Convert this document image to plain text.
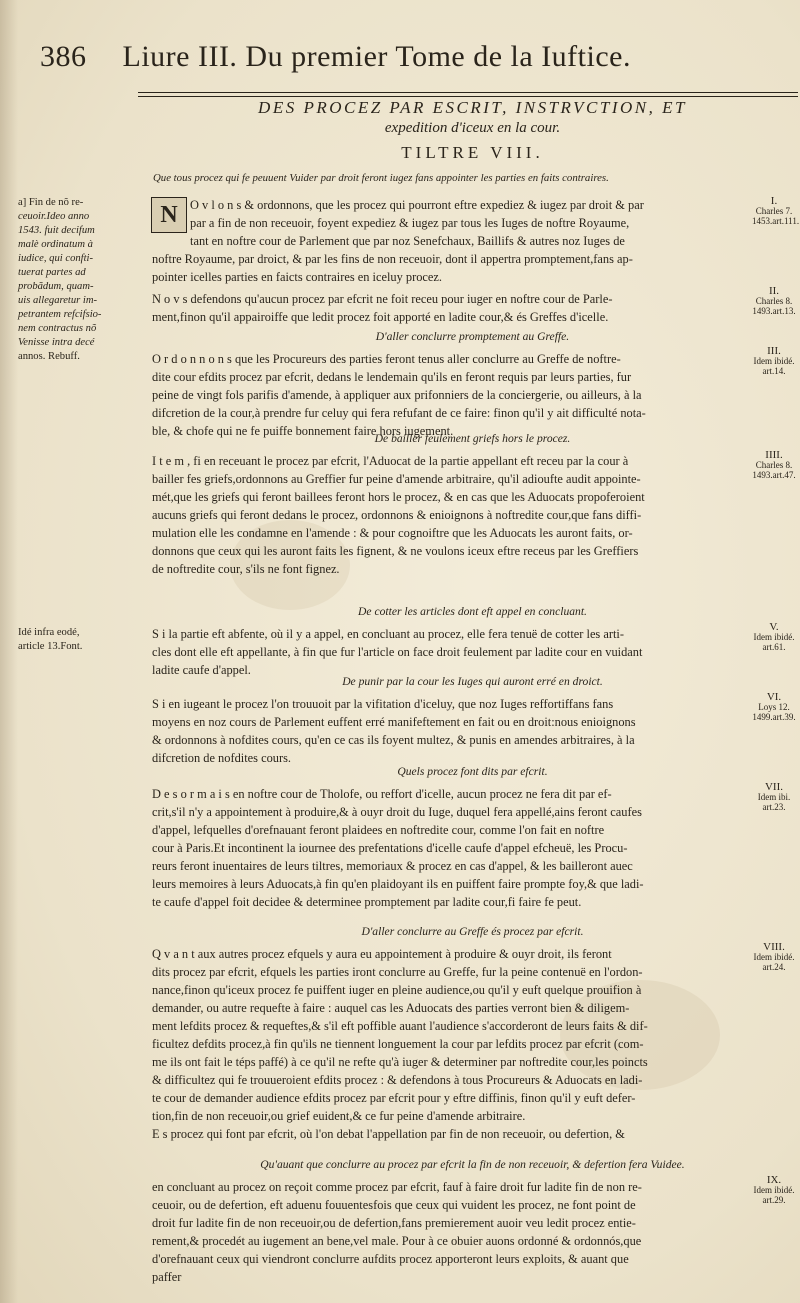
386 Liure III. Du premier Tome de la Iuftice.
DES PROCEZ PAR ESCRIT, INSTRVCTION, ET
expedition d'iceux en la cour.
TILTRE VIII.
Que tous procez qui fe peuuent Vuider par droit feront iugez fans appointer les parties en faits contraires.
D'aller conclurre promptement au Greffe.
De bailler feulement griefs hors le procez.
De cotter les articles dont eft appel en concluant.
De punir par la cour les Iuges qui auront erré en droict.
Quels procez font dits par efcrit.
D'aller conclurre au Greffe és procez par efcrit.
Qu'auant que conclurre au procez par efcrit la fin de non receuoir, & defertion fera Vuidee.
N O v l o n s & ordonnons, que les procez qui pourront eftre expediez & iugez par droit & par
par a fin de non receuoir, foyent expediez & iugez par tous les Iuges de noftre Royaume,
tant en noftre cour de Parlement que par noz Senefchaux, Baillifs & autres noz Iuges de
noftre Royaume, par droict, & par les fins de non receuoir, dont il appertra promptement,fans ap-
pointer icelles parties en faicts contraires en iceluy procez.
N o v s defendons qu'aucun procez par efcrit ne foit receu pour iuger en noftre cour de Parle-
ment,finon qu'il appairoiffe que ledit procez foit apporté en ladite cour,& és Greffes d'icelle.
O r d o n n o n s que les Procureurs des parties feront tenus aller conclurre au Greffe de noftre-
dite cour efdits procez par efcrit, dedans le lendemain qu'ils en feront requis par leurs parties, fur
peine de vingt fols parifis d'amende, à appliquer aux prifonniers de la conciergerie, ou ailleurs, à la
difcretion de la cour,à prendre fur celuy qui fera refufant de ce faire: finon qu'il y ait difficulté nota-
ble, & chofe qui ne fe puiffe bonnement faire hors iugement.
I t e m , fi en receuant le procez par efcrit, l'Aduocat de la partie appellant eft receu par la cour à
bailler fes griefs,ordonnons au Greffier fur peine d'amende arbitraire, qu'il adioufte audit appointe-
mét,que les griefs qui feront baillees feront hors le procez, & en cas que les Aduocats propoferoient
aucuns griefs qui feront dedans le procez, ordonnons & enioignons à noftredite cour,que fans diffi-
mulation elle les condamne en l'amende : & pour cognoiftre que les Aduocats les auront faits, or-
donnons que ceux qui les auront faits les fignent, & ne voulons iceux eftre receus par les Greffiers
de noftredite cour, s'ils ne font fignez.
S i la partie eft abfente, où il y a appel, en concluant au procez, elle fera tenuë de cotter les arti-
cles dont elle eft appellante, à fin que fur l'article on face droit feulement par ladite cour en vuidant
ladite caufe d'appel.
S i en iugeant le procez l'on trouuoit par la vifitation d'iceluy, que noz Iuges reffortiffans fans
moyens en noz cours de Parlement euffent erré manifeftement en fait ou en droit:nous enioignons
& ordonnons à nofdites cours, qu'en ce cas ils foyent multez, & punis en amendes arbitraires, à la
difcretion de nofdites cours.
D e s o r m a i s en noftre cour de Tholofe, ou reffort d'icelle, aucun procez ne fera dit par ef-
crit,s'il n'y a appointement à produire,& à ouyr droit du Iuge, duquel fera appellé,ains feront caufes
d'appel, lefquelles d'orefnauant feront plaidees en noftredite cour, comme l'on fait en noftre
cour à Paris.Et incontinent la iournee des prefentations d'icelle caufe d'appel efcheuë, les Procu-
reurs feront inuentaires de leurs tiltres, memoriaux & procez en cas d'appel, & les bailleront auec
leurs memoires à leurs Aduocats,à fin qu'en plaidoyant ils en puiffent faire prompte foy,& que ladi-
te caufe d'appel foit decidee & determinee promptement par ladite cour,fi faire fe peut.
Q v a n t aux autres procez efquels y aura eu appointement à produire & ouyr droit, ils feront
dits procez par efcrit, efquels les parties iront conclurre au Greffe, fur la peine contenuë en l'ordon-
nance,finon qu'iceux procez fe puiffent iuger en pleine audience,ou qu'il y euft quelque prouifion à
demander, ou autre requefte à faire : auquel cas les Aduocats des parties verront bien & diligem-
ment lefdits procez & requeftes,& s'il eft poffible auant l'audience s'accorderont de leurs faits & dif-
ficultez defdits procez,à fin qu'ils ne tiennent longuement la cour par lefdits procez par efcrit (com-
me ils ont fait le téps paffé) à ce qu'il ne refte qu'à iuger & determiner par noftredite cour,les poincts
& difficultez qui fe trouueroient efdits procez : & defendons à tous Procureurs & Aduocats en ladi-
te cour de demander audience efdits procez par efcrit pour y eftre diffinis, finon qu'il y euft defer-
tion,fin de non receuoir,ou grief euident,& ce fur peine d'amende arbitraire.
E s procez qui font par efcrit, où l'on debat l'appellation par fin de non receuoir, ou defertion, &
en concluant au procez on reçoit comme procez par efcrit, fauf à faire droit fur ladite fin de non re-
ceuoir, ou de defertion, eft aduenu fouuentesfois que ceux qui vuident les procez, ne font point de
droit fur ladite fin de non receuoir,ou de defertion,fans premierement auoir veu ledit procez entie-
rement,& procedét au iugement an bene,vel male. Pour à ce obuier auons ordonné & ordonnós,que
d'orefnauant ceux qui viendront conclurre aufdits procez apporteront leurs exploits, & auant que
paffer
a] Fin de nõ re-
ceuoir.Ideo anno
1543. fuit decifum
malè ordinatum à
iudice, qui confti-
tuerat partes ad
probãdum, quam-
uis allegaretur im-
petrantem refcifsio-
nem contractus nõ
Venisse intra decé
annos. Rebuff.
Idé infra eodé,
article 13.Font.
I.
Charles 7.
1453.art.111.
II.
Charles 8.
1493.art.13.
III.
Idem ibidé.
art.14.
IIII.
Charles 8.
1493.art.47.
V.
Idem ibidé.
art.61.
VI.
Loys 12.
1499.art.39.
VII.
Idem ibi.
art.23.
VIII.
Idem ibidé.
art.24.
IX.
Idem ibidé.
art.29.
